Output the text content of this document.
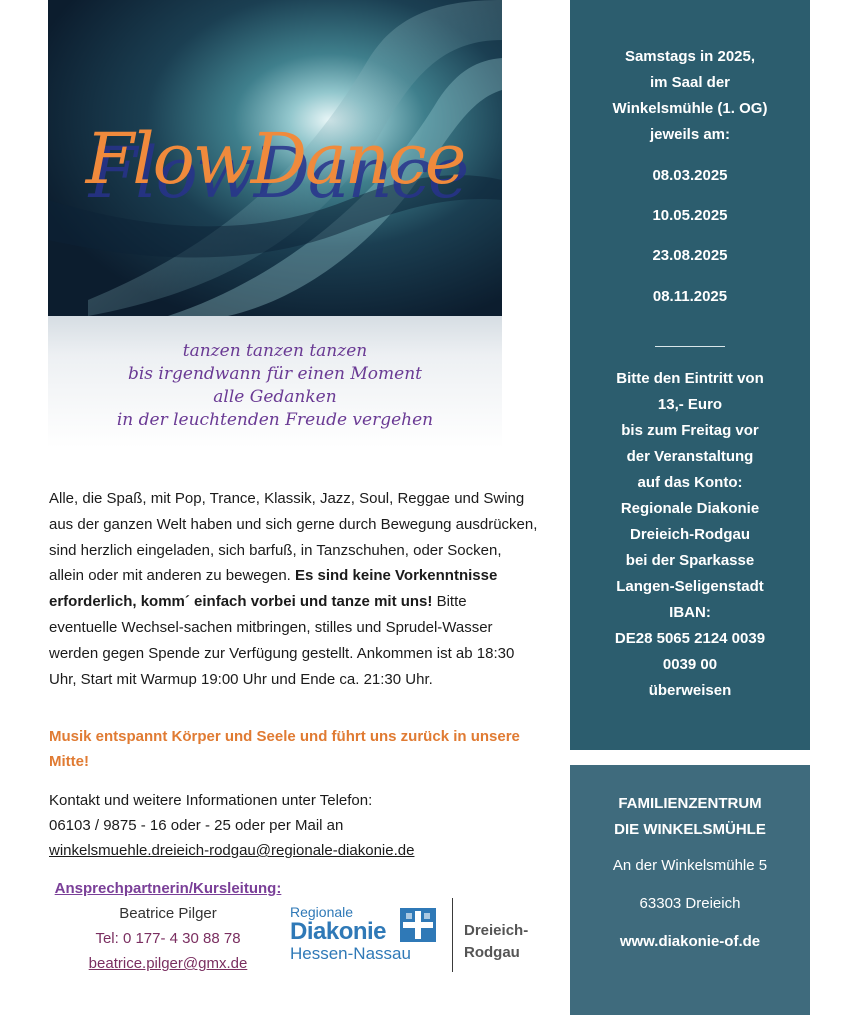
FlowDance
tanzen tanzen tanzen
bis irgendwann für einen Moment
alle Gedanken
in der leuchtenden Freude vergehen
Alle, die Spaß, mit Pop, Trance, Klassik, Jazz, Soul, Reggae und Swing aus der ganzen Welt haben und sich gerne durch Bewegung ausdrücken, sind herzlich eingeladen, sich barfuß, in Tanzschuhen, oder Socken, allein oder mit anderen zu bewegen. Es sind keine Vorkenntnisse erforderlich, komm´ einfach vorbei und tanze mit uns! Bitte eventuelle Wechsel-sachen mitbringen, stilles und Sprudel-Wasser werden gegen Spende zur Verfügung gestellt. Ankommen ist ab 18:30 Uhr, Start mit Warmup 19:00 Uhr und Ende ca. 21:30 Uhr.
Musik entspannt Körper und Seele und führt uns zurück in unsere Mitte!
Kontakt und weitere Informationen unter Telefon:
06103 / 9875 - 16 oder - 25 oder per Mail an
winkelsmuehle.dreieich-rodgau@regionale-diakonie.de
Ansprechpartnerin/Kursleitung:
Beatrice Pilger
Tel: 0 177- 4 30 88 78
beatrice.pilger@gmx.de
Regionale
Diakonie
Hessen-Nassau
Dreieich-
Rodgau
Samstags in 2025,
im Saal der
Winkelsmühle (1. OG)
jeweils am:
08.03.2025
10.05.2025
23.08.2025
08.11.2025
Bitte den Eintritt von
13,- Euro
bis zum Freitag vor
der Veranstaltung
auf das Konto:
Regionale Diakonie
Dreieich-Rodgau
bei der Sparkasse
Langen-Seligenstadt
IBAN:
DE28 5065 2124 0039
0039 00
überweisen
FAMILIENZENTRUM
DIE WINKELSMÜHLE
An der Winkelsmühle 5
63303 Dreieich
www.diakonie-of.de
